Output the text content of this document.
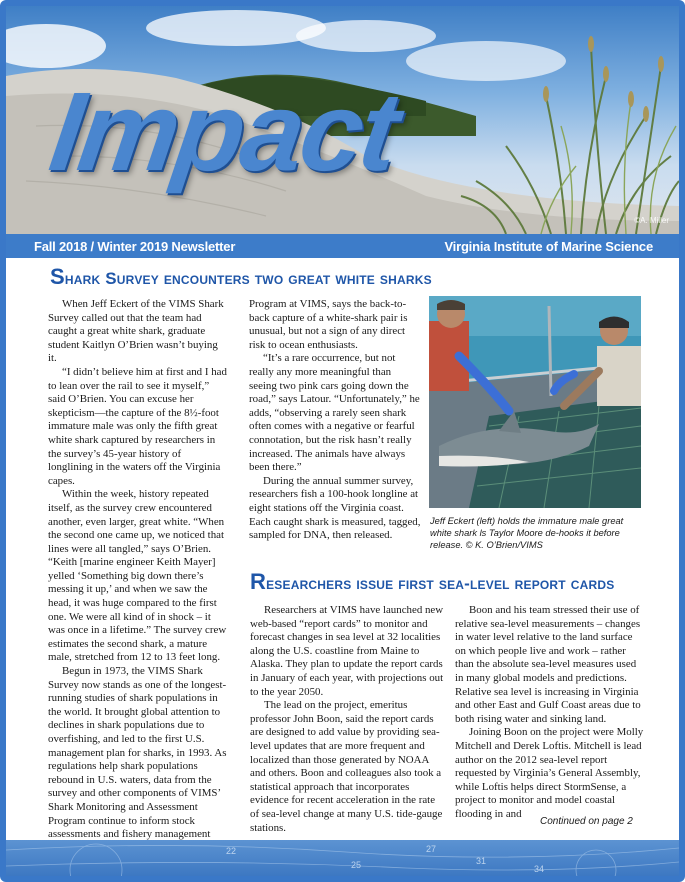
Impact
©A. Miller
Fall 2018 / Winter 2019 Newsletter	Virginia Institute of Marine Science
Shark Survey encounters two great white sharks

When Jeff Eckert of the VIMS Shark Survey called out that the team had caught a great white shark, graduate student Kaitlyn O’Brien wasn’t buying it.

“I didn’t believe him at first and I had to lean over the rail to see it myself,” said O’Brien. You can excuse her skepticism—the capture of the 8½-foot immature male was only the fifth great white shark captured by researchers in the survey’s 45-year history of longlining in the waters off the Virginia capes.

Within the week, history repeated itself, as the survey crew encountered another, even larger, great white. “When the second one came up, we noticed that lines were all tangled,” says O’Brien. “Keith [marine engineer Keith Mayer] yelled ‘Something big down there’s messing it up,’ and when we saw the head, it was huge compared to the first one. We were all kind of in shock – it was once in a lifetime.” The survey crew estimates the second shark, a mature male, stretched from 12 to 13 feet long.

Begun in 1973, the VIMS Shark Survey now stands as one of the longest-running studies of shark populations in the world. It brought global attention to declines in shark populations due to overfishing, and led to the first U.S. management plan for sharks, in 1993. As regulations help shark populations rebound in U.S. waters, data from the survey and other components of VIMS’ Shark Monitoring and Assessment Program continue to inform stock assessments and fishery management

Program at VIMS, says the back-to-back capture of a white-shark pair is unusual, but not a sign of any direct risk to ocean enthusiasts.

“It’s a rare occurrence, but not really any more meaningful than seeing two pink cars going down the road,” says Latour. “Unfortunately,” he adds, “observing a rarely seen shark often comes with a negative or fearful connotation, but the risk hasn’t really increased. The animals have always been there.”

During the annual summer survey, researchers fish a 100-hook longline at eight stations off the Virginia coast. Each caught shark is measured, tagged, sampled for DNA, then released.

Jeff Eckert (left) holds the immature male great white shark ls Taylor Moore de-hooks it before release. © K. O’Brien/VIMS
Researchers issue first sea-level report cards

Researchers at VIMS have launched new web-based “report cards” to monitor and forecast changes in sea level at 32 localities along the U.S. coastline from Maine to Alaska. They plan to update the report cards in January of each year, with projections out to the year 2050.

The lead on the project, emeritus professor John Boon, said the report cards are designed to add value by providing sea-level updates that are more frequent and localized than those generated by NOAA and others. Boon and colleagues also took a statistical approach that incorporates evidence for recent acceleration in the rate of sea-level change at many U.S. tide-gauge stations.

Boon and his team stressed their use of relative sea-level measurements – changes in water level relative to the land surface on which people live and work – rather than the absolute sea-level measures used in many global models and predictions. Relative sea level is increasing in Virginia and other East and Gulf Coast areas due to both rising water and sinking land.

Joining Boon on the project were Molly Mitchell and Derek Loftis. Mitchell is lead author on the 2012 sea-level report requested by Virginia’s General Assembly, while Loftis helps direct StormSense, a project to monitor and model coastal flooding in and

Continued on page 2
22
25
27
31
34
